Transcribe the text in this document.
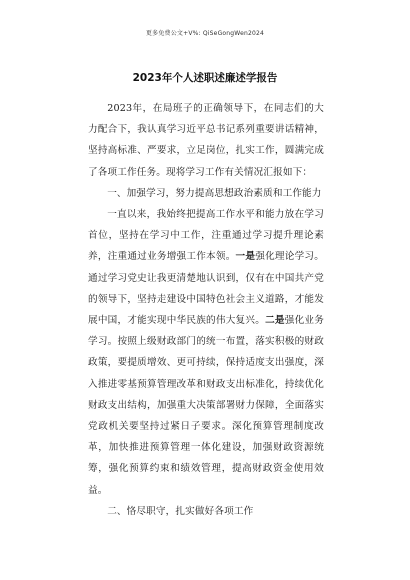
更多免费公文+V%: QiSeGongWen2024
2023年个人述职述廉述学报告

2023年，在局班子的正确领导下，在同志们的大力配合下，我认真学习近平总书记系列重要讲话精神，坚持高标准、严要求，立足岗位，扎实工作，圆满完成了各项工作任务。现将学习工作有关情况汇报如下：

一、加强学习，努力提高思想政治素质和工作能力

一直以来，我始终把提高工作水平和能力放在学习首位，坚持在学习中工作，注重通过学习提升理论素养，注重通过业务增强工作本领。一是强化理论学习。通过学习党史让我更清楚地认识到，仅有在中国共产党的领导下，坚持走建设中国特色社会主义道路，才能发展中国，才能实现中华民族的伟大复兴。二是强化业务学习。按照上级财政部门的统一布置，落实积极的财政政策，要提质增效、更可持续，保持适度支出强度，深入推进零基预算管理改革和财政支出标准化，持续优化财政支出结构，加强重大决策部署财力保障，全面落实党政机关要坚持过紧日子要求。深化预算管理制度改革，加快推进预算管理一体化建设，加强财政资源统筹，强化预算约束和绩效管理，提高财政资金使用效益。

二、恪尽职守，扎实做好各项工作
